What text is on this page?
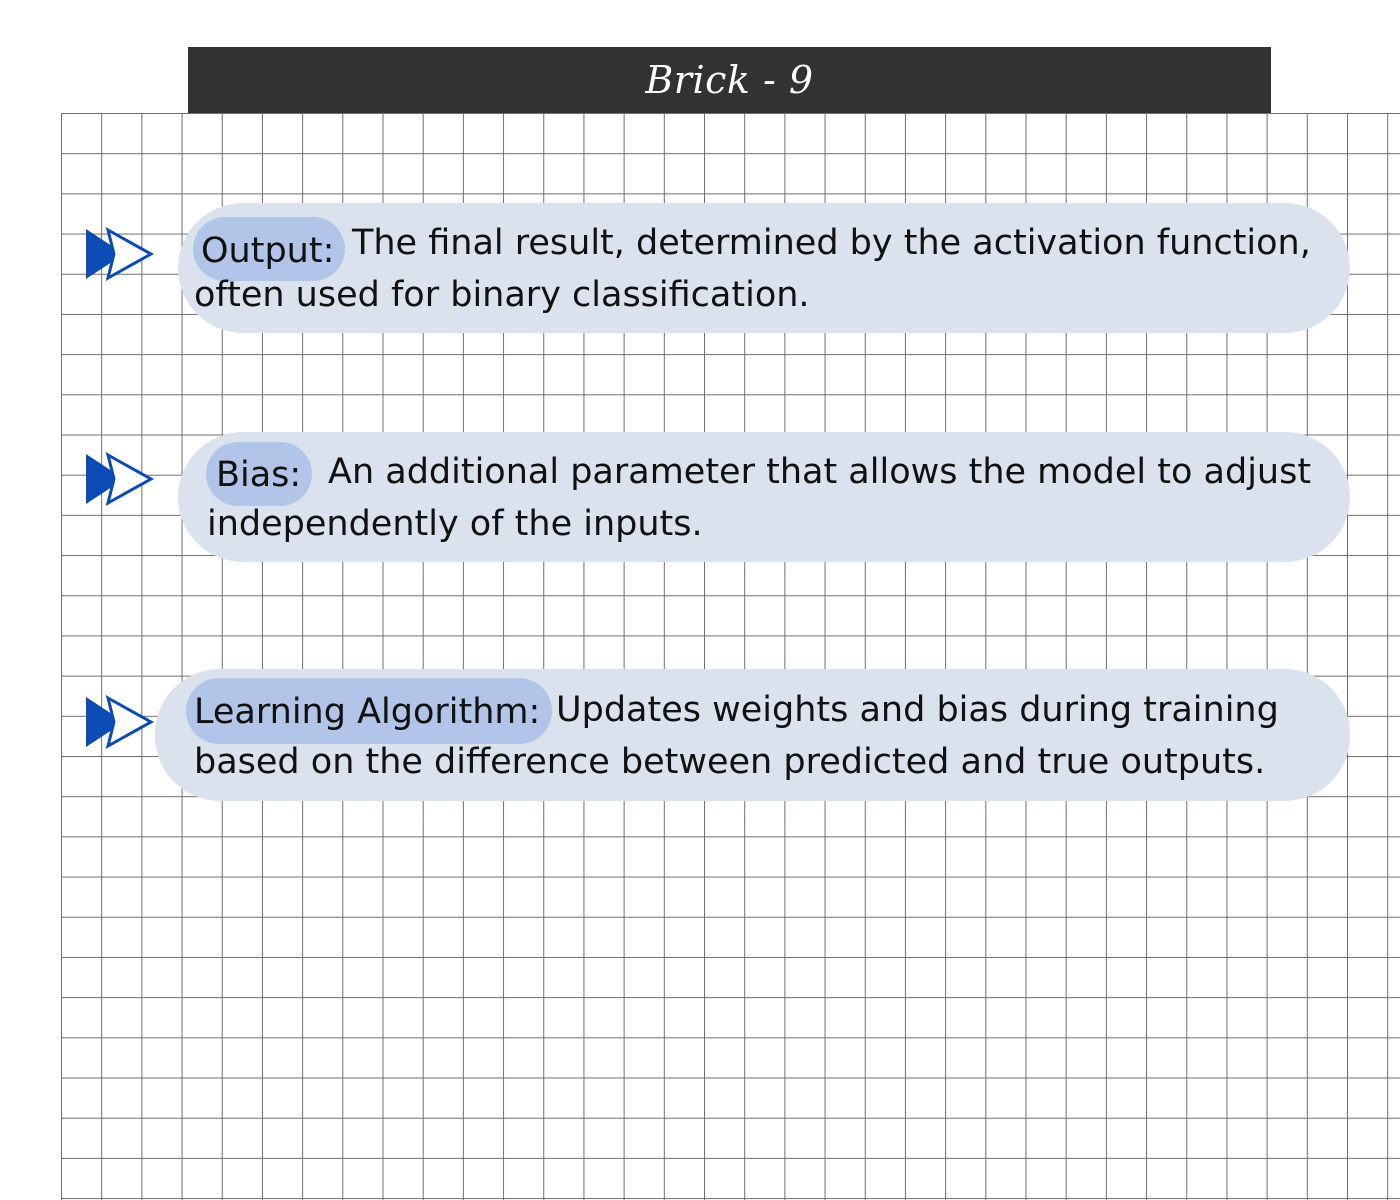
Brick - 9
Output: The final result, determined by the activation function,
often used for binary classification.
Bias: An additional parameter that allows the model to adjust
independently of the inputs.
Learning Algorithm: Updates weights and bias during training
based on the difference between predicted and true outputs.
